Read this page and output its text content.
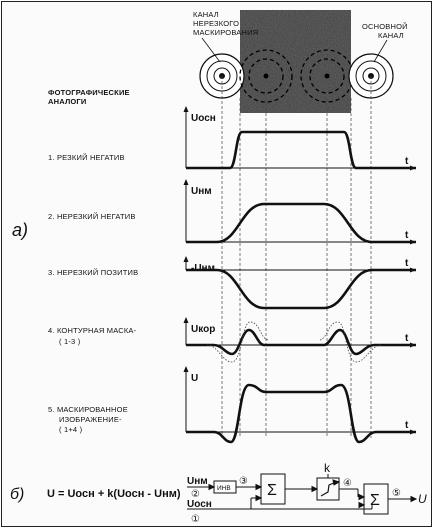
КАНАЛ
НЕРЕЗКОГО
МАСКИРОВАНИЯ
ОСНОВНОЙ
КАНАЛ
ФОТОГРАФИЧЕСКИЕ
АНАЛОГИ
1. РЕЗКИЙ НЕГАТИВ
2. НЕРЕЗКИЙ НЕГАТИВ
3. НЕРЕЗКИЙ ПОЗИТИВ
4. КОНТУРНАЯ МАСКА-
( 1-3 )
5. МАСКИРОВАННОЕ
ИЗОБРАЖЕНИЕ-
( 1+4 )
t
Uосн
t
Uнм
t
-Uнм
t
Uкор
t
U
а)
б) U = Uосн + k(Uосн - Uнм)
Uнм
Uосн
ИНВ Σ
k
Σ	U
②
①
③	④
⑤
